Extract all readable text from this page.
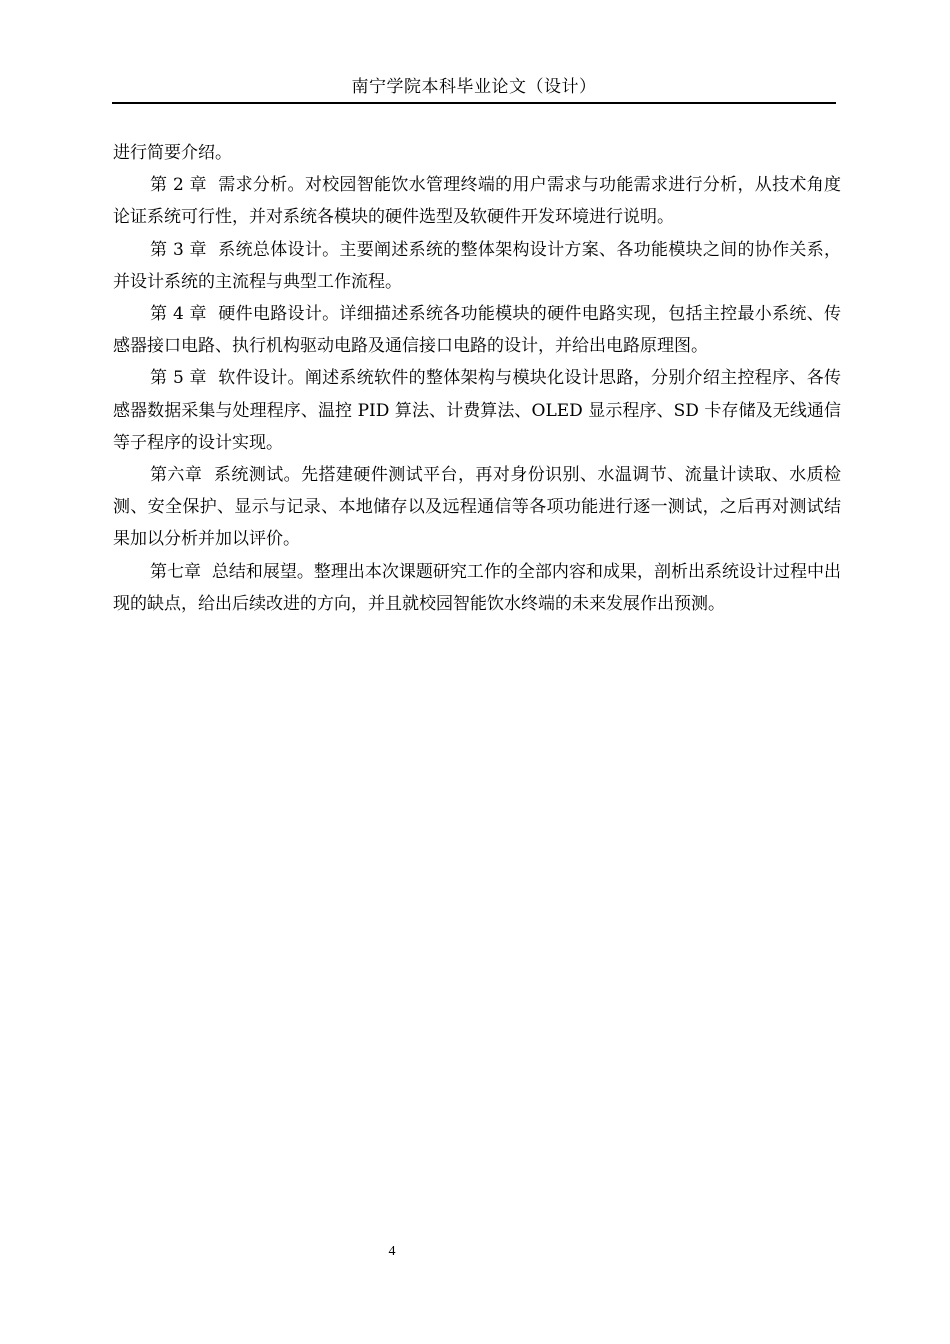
南宁学院本科毕业论文（设计）

进行简要介绍。

第 2 章 需求分析。对校园智能饮水管理终端的用户需求与功能需求进行分析，从技术角度论证系统可行性，并对系统各模块的硬件选型及软硬件开发环境进行说明。

第 3 章 系统总体设计。主要阐述系统的整体架构设计方案、各功能模块之间的协作关系，并设计系统的主流程与典型工作流程。

第 4 章 硬件电路设计。详细描述系统各功能模块的硬件电路实现，包括主控最小系统、传感器接口电路、执行机构驱动电路及通信接口电路的设计，并给出电路原理图。

第 5 章 软件设计。阐述系统软件的整体架构与模块化设计思路，分别介绍主控程序、各传感器数据采集与处理程序、温控 PID 算法、计费算法、OLED 显示程序、SD 卡存储及无线通信等子程序的设计实现。

第六章 系统测试。先搭建硬件测试平台，再对身份识别、水温调节、流量计读取、水质检测、安全保护、显示与记录、本地储存以及远程通信等各项功能进行逐一测试，之后再对测试结果加以分析并加以评价。

第七章 总结和展望。整理出本次课题研究工作的全部内容和成果，剖析出系统设计过程中出现的缺点，给出后续改进的方向，并且就校园智能饮水终端的未来发展作出预测。

4
